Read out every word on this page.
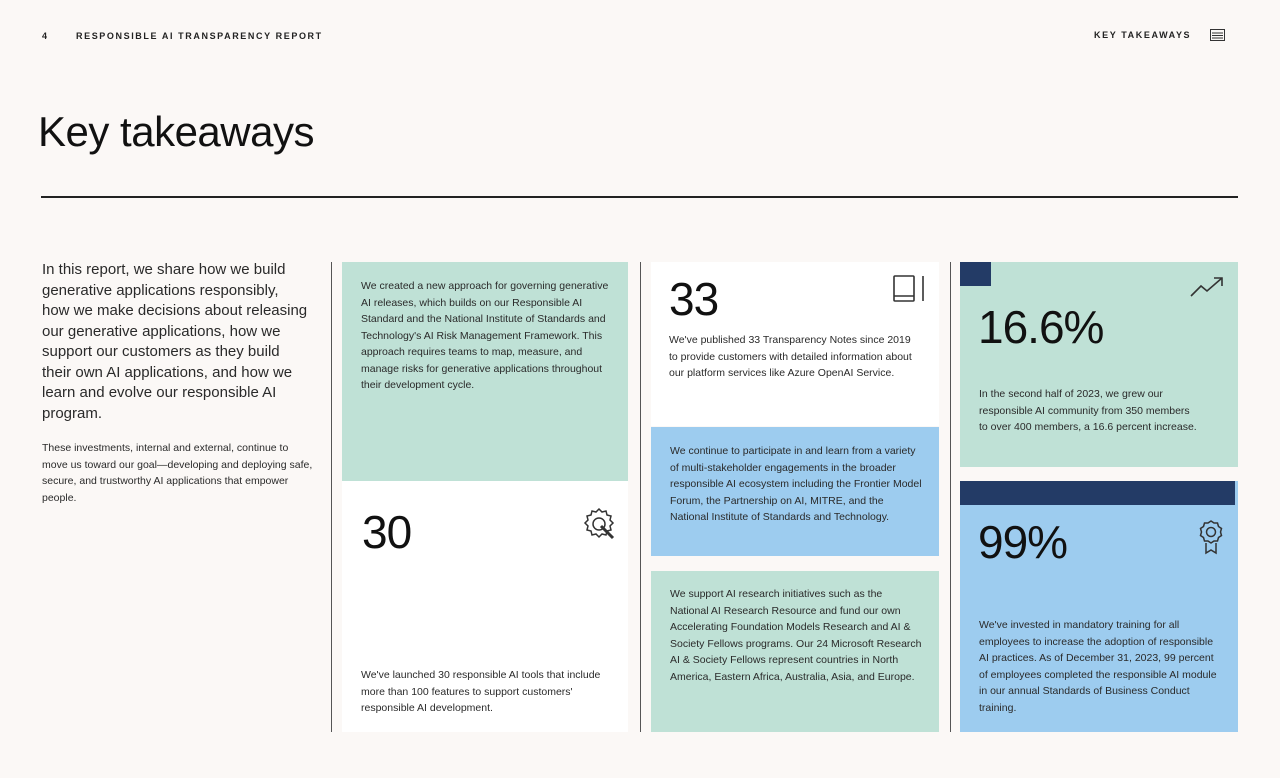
4	RESPONSIBLE AI TRANSPARENCY REPORT	KEY TAKEAWAYS
Key takeaways
In this report, we share how we build generative applications responsibly, how we make decisions about releasing our generative applications, how we support our customers as they build their own AI applications, and how we learn and evolve our responsible AI program.
These investments, internal and external, continue to move us toward our goal—developing and deploying safe, secure, and trustworthy AI applications that empower people.
We created a new approach for governing generative AI releases, which builds on our Responsible AI Standard and the National Institute of Standards and Technology's AI Risk Management Framework. This approach requires teams to map, measure, and manage risks for generative applications throughout their development cycle.
30
We've launched 30 responsible AI tools that include more than 100 features to support customers' responsible AI development.
33
We've published 33 Transparency Notes since 2019 to provide customers with detailed information about our platform services like Azure OpenAI Service.
We continue to participate in and learn from a variety of multi-stakeholder engagements in the broader responsible AI ecosystem including the Frontier Model Forum, the Partnership on AI, MITRE, and the National Institute of Standards and Technology.
We support AI research initiatives such as the National AI Research Resource and fund our own Accelerating Foundation Models Research and AI & Society Fellows programs. Our 24 Microsoft Research AI & Society Fellows represent countries in North America, Eastern Africa, Australia, Asia, and Europe.
16.6%
In the second half of 2023, we grew our responsible AI community from 350 members to over 400 members, a 16.6 percent increase.
99%
We've invested in mandatory training for all employees to increase the adoption of responsible AI practices. As of December 31, 2023, 99 percent of employees completed the responsible AI module in our annual Standards of Business Conduct training.
